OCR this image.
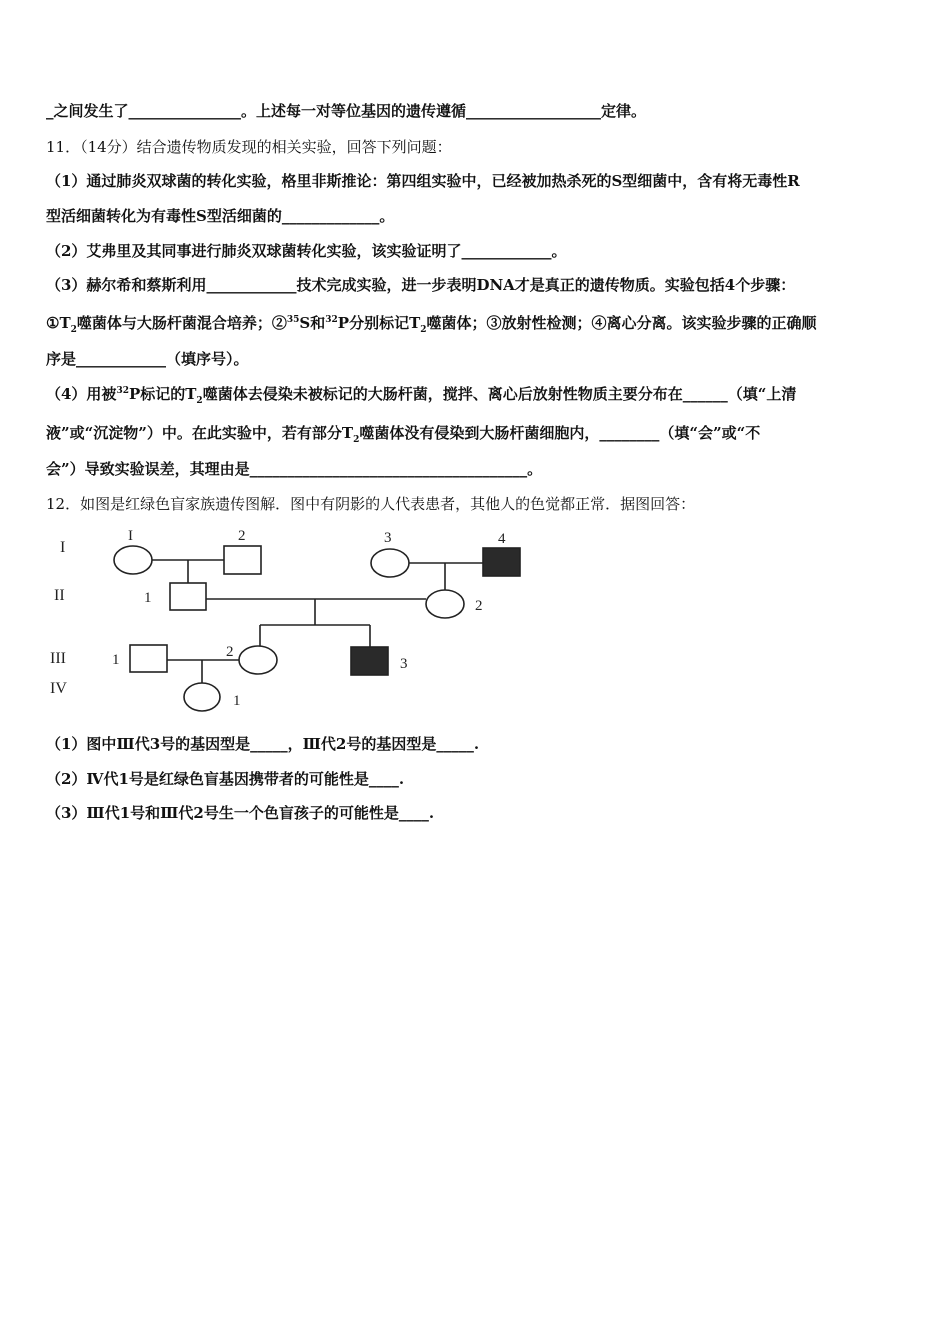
_之间发生了_______________。上述每一对等位基因的遗传遵循__________________定律。
11．（14分）结合遗传物质发现的相关实验，回答下列问题：
（1）通过肺炎双球菌的转化实验，格里非斯推论：第四组实验中，已经被加热杀死的S型细菌中，含有将无毒性R
型活细菌转化为有毒性S型活细菌的_____________。
（2）艾弗里及其同事进行肺炎双球菌转化实验，该实验证明了____________。
（3）赫尔希和蔡斯利用____________技术完成实验，进一步表明DNA才是真正的遗传物质。实验包括4个步骤：
$①T_2$噬菌体与大肠杆菌混合培养；②$^{35}$S和$^{32}$P分别标记$T_2$噬菌体；③放射性检测；④离心分离。该实验步骤的正确顺
序是____________（填序号）。
（4）用被$^{32}$P标记的$T_2$噬菌体去侵染未被标记的大肠杆菌，搅拌、离心后放射性物质主要分布在______（填“上清
液”或“沉淀物”）中。在此实验中，若有部分$T_2$噬菌体没有侵染到大肠杆菌细胞内，________（填“会”或“不
会”）导致实验误差，其理由是_____________________________________。
12．如图是红绿色盲家族遗传图解．图中有阴影的人代表患者，其他人的色觉都正常．据图回答：
I
II
III
IV
I	2	3	4
1	2
1	2
3
1
（1）图中Ⅲ代3号的基因型是_____，Ⅲ代2号的基因型是_____.
（2）Ⅳ代1号是红绿色盲基因携带者的可能性是____.
（3）Ⅲ代1号和Ⅲ代2号生一个色盲孩子的可能性是____.
